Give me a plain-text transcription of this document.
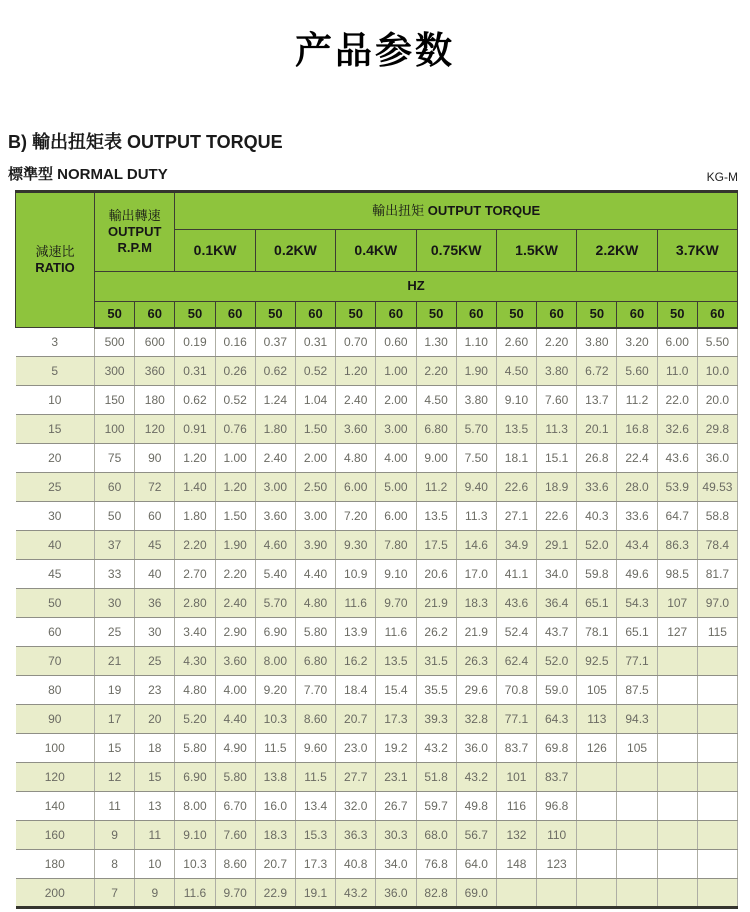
产品参数
B) 輸出扭矩表 OUTPUT TORQUE
標準型 NORMAL DUTY	KG-M
減速比
RATIO	輸出轉速
OUTPUT
R.P.M		輸出扭矩 OUTPUT TORQUE													
			0.1KW		0.2KW		0.4KW		0.75KW		1.5KW		2.2KW		3.7KW	
	HZ															
	50	60	50	60	50	60	50	60	50	60	50	60	50	60	50	60
3	500	600	0.19	0.16	0.37	0.31	0.70	0.60	1.30	1.10	2.60	2.20	3.80	3.20	6.00	5.50
5	300	360	0.31	0.26	0.62	0.52	1.20	1.00	2.20	1.90	4.50	3.80	6.72	5.60	11.0	10.0
10	150	180	0.62	0.52	1.24	1.04	2.40	2.00	4.50	3.80	9.10	7.60	13.7	11.2	22.0	20.0
15	100	120	0.91	0.76	1.80	1.50	3.60	3.00	6.80	5.70	13.5	11.3	20.1	16.8	32.6	29.8
20	75	90	1.20	1.00	2.40	2.00	4.80	4.00	9.00	7.50	18.1	15.1	26.8	22.4	43.6	36.0
25	60	72	1.40	1.20	3.00	2.50	6.00	5.00	11.2	9.40	22.6	18.9	33.6	28.0	53.9	49.53
30	50	60	1.80	1.50	3.60	3.00	7.20	6.00	13.5	11.3	27.1	22.6	40.3	33.6	64.7	58.8
40	37	45	2.20	1.90	4.60	3.90	9.30	7.80	17.5	14.6	34.9	29.1	52.0	43.4	86.3	78.4
45	33	40	2.70	2.20	5.40	4.40	10.9	9.10	20.6	17.0	41.1	34.0	59.8	49.6	98.5	81.7
50	30	36	2.80	2.40	5.70	4.80	11.6	9.70	21.9	18.3	43.6	36.4	65.1	54.3	107	97.0
60	25	30	3.40	2.90	6.90	5.80	13.9	11.6	26.2	21.9	52.4	43.7	78.1	65.1	127	115
70	21	25	4.30	3.60	8.00	6.80	16.2	13.5	31.5	26.3	62.4	52.0	92.5	77.1		
80	19	23	4.80	4.00	9.20	7.70	18.4	15.4	35.5	29.6	70.8	59.0	105	87.5		
90	17	20	5.20	4.40	10.3	8.60	20.7	17.3	39.3	32.8	77.1	64.3	113	94.3		
100	15	18	5.80	4.90	11.5	9.60	23.0	19.2	43.2	36.0	83.7	69.8	126	105		
120	12	15	6.90	5.80	13.8	11.5	27.7	23.1	51.8	43.2	101	83.7				
140	11	13	8.00	6.70	16.0	13.4	32.0	26.7	59.7	49.8	116	96.8				
160	9	11	9.10	7.60	18.3	15.3	36.3	30.3	68.0	56.7	132	110				
180	8	10	10.3	8.60	20.7	17.3	40.8	34.0	76.8	64.0	148	123				
200	7	9	11.6	9.70	22.9	19.1	43.2	36.0	82.8	69.0						
